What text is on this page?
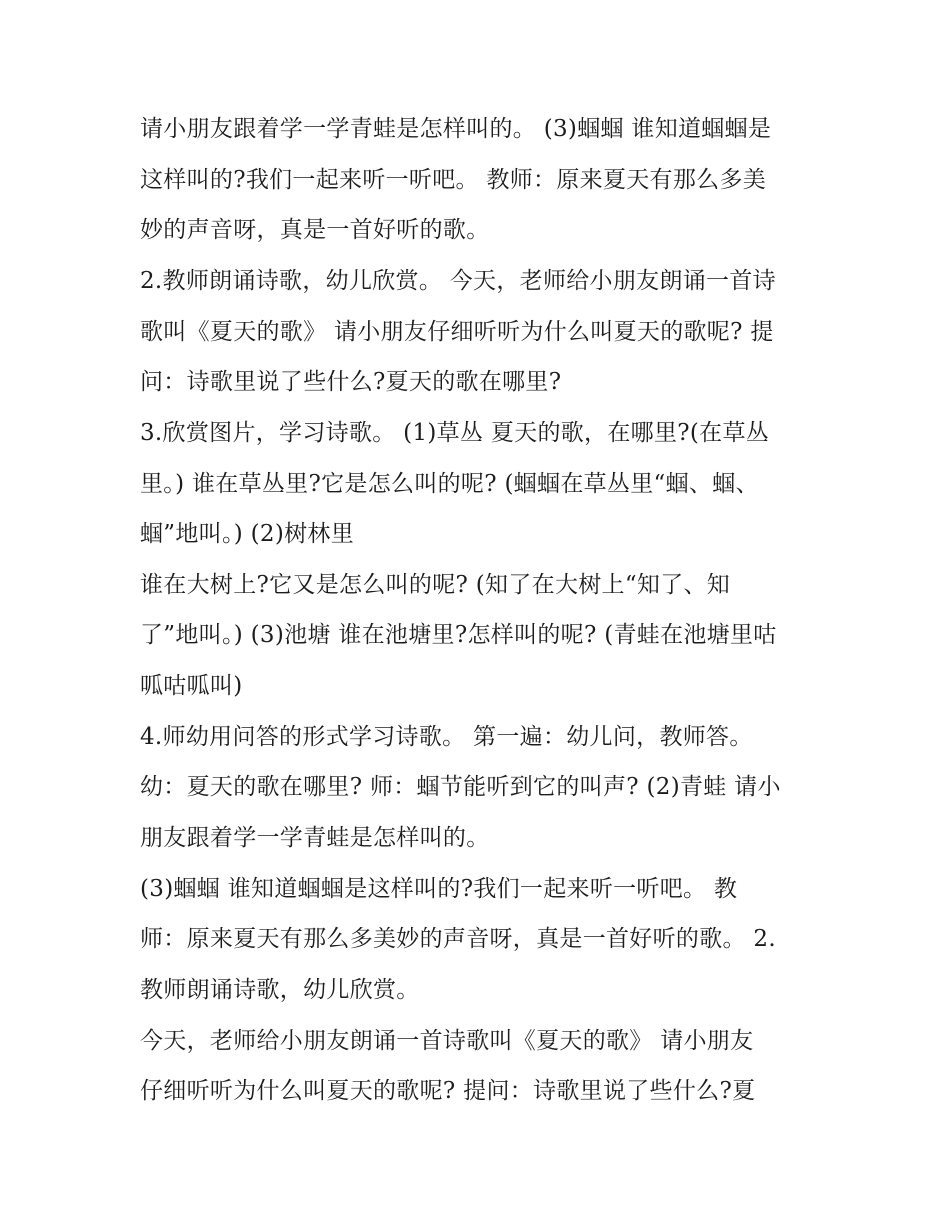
请小朋友跟着学一学青蛙是怎样叫的。 (3)蝈蝈 谁知道蝈蝈是

这样叫的?我们一起来听一听吧。 教师：原来夏天有那么多美

妙的声音呀，真是一首好听的歌。

2.教师朗诵诗歌，幼儿欣赏。 今天，老师给小朋友朗诵一首诗

歌叫《夏天的歌》 请小朋友仔细听听为什么叫夏天的歌呢? 提

问：诗歌里说了些什么?夏天的歌在哪里?

3.欣赏图片，学习诗歌。 (1)草丛 夏天的歌，在哪里?(在草丛

里。) 谁在草丛里?它是怎么叫的呢? (蝈蝈在草丛里“蝈、蝈、

蝈”地叫。) (2)树林里

谁在大树上?它又是怎么叫的呢? (知了在大树上“知了、知

了”地叫。) (3)池塘 谁在池塘里?怎样叫的呢? (青蛙在池塘里咕

呱咕呱叫)

4.师幼用问答的形式学习诗歌。 第一遍：幼儿问，教师答。

幼：夏天的歌在哪里? 师：蝈节能听到它的叫声? (2)青蛙 请小

朋友跟着学一学青蛙是怎样叫的。

(3)蝈蝈 谁知道蝈蝈是这样叫的?我们一起来听一听吧。 教

师：原来夏天有那么多美妙的声音呀，真是一首好听的歌。 2.

教师朗诵诗歌，幼儿欣赏。

今天，老师给小朋友朗诵一首诗歌叫《夏天的歌》 请小朋友

仔细听听为什么叫夏天的歌呢? 提问：诗歌里说了些什么?夏
